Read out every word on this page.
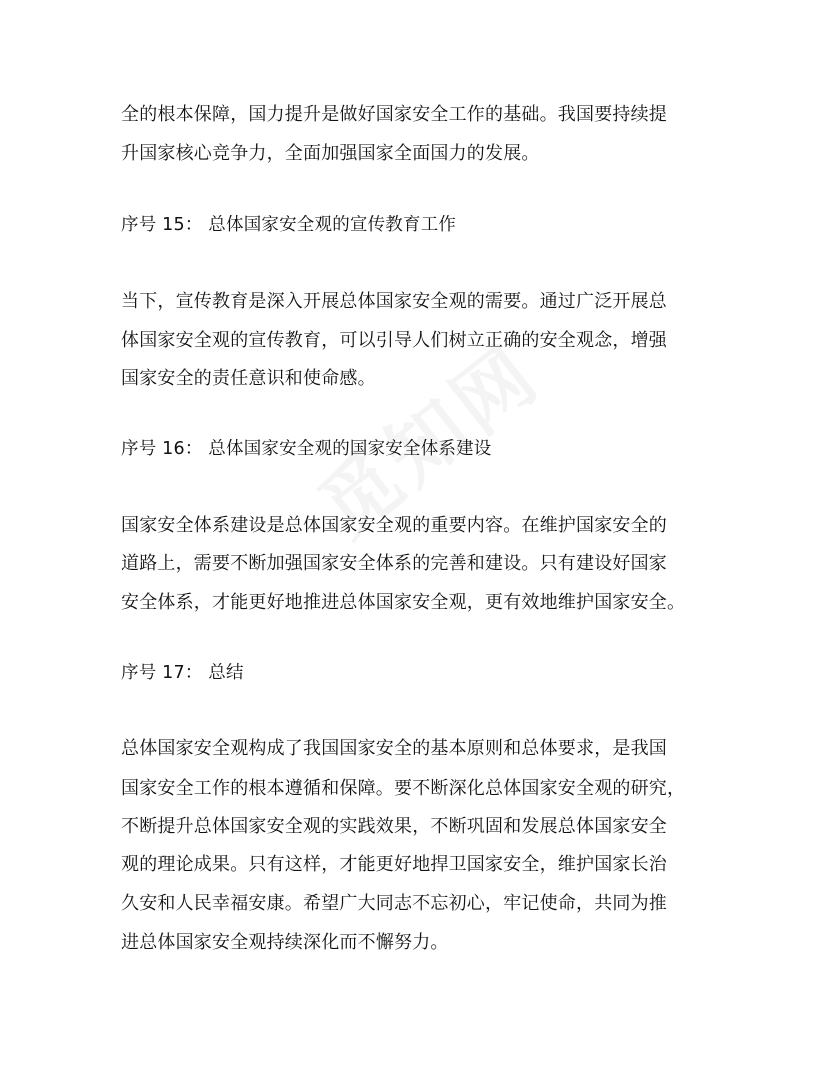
全的根本保障，国力提升是做好国家安全工作的基础。我国要持续提
升国家核心竞争力，全面加强国家全面国力的发展。
序号 15： 总体国家安全观的宣传教育工作
当下，宣传教育是深入开展总体国家安全观的需要。通过广泛开展总
体国家安全观的宣传教育，可以引导人们树立正确的安全观念，增强
国家安全的责任意识和使命感。
序号 16： 总体国家安全观的国家安全体系建设
国家安全体系建设是总体国家安全观的重要内容。在维护国家安全的
道路上，需要不断加强国家安全体系的完善和建设。只有建设好国家
安全体系，才能更好地推进总体国家安全观，更有效地维护国家安全。
序号 17： 总结
总体国家安全观构成了我国国家安全的基本原则和总体要求，是我国
国家安全工作的根本遵循和保障。要不断深化总体国家安全观的研究，
不断提升总体国家安全观的实践效果，不断巩固和发展总体国家安全
观的理论成果。只有这样，才能更好地捍卫国家安全，维护国家长治
久安和人民幸福安康。希望广大同志不忘初心，牢记使命，共同为推
进总体国家安全观持续深化而不懈努力。
